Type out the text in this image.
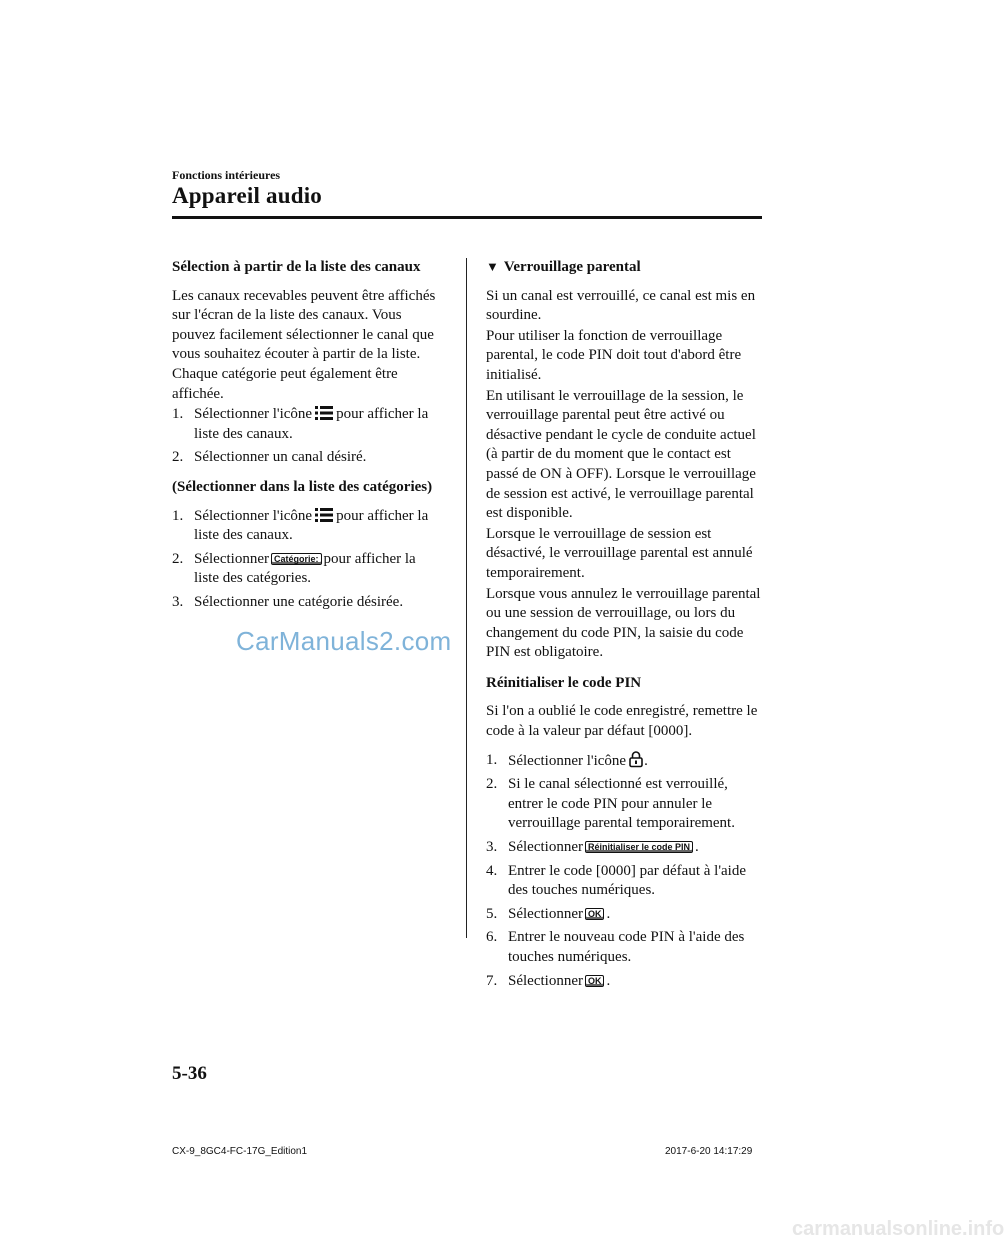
Fonctions intérieures
Appareil audio
Sélection à partir de la liste des canaux
Les canaux recevables peuvent être affichés sur l'écran de la liste des canaux. Vous pouvez facilement sélectionner le canal que vous souhaitez écouter à partir de la liste. Chaque catégorie peut également être affichée.
1. Sélectionner l'icône pour afficher la liste des canaux.
2. Sélectionner un canal désiré.
(Sélectionner dans la liste des catégories)
1. Sélectionner l'icône pour afficher la liste des canaux.
2. Sélectionner Catégorie: pour afficher la liste des catégories.
3. Sélectionner une catégorie désirée.
▼ Verrouillage parental
Si un canal est verrouillé, ce canal est mis en sourdine.
Pour utiliser la fonction de verrouillage parental, le code PIN doit tout d'abord être initialisé.
En utilisant le verrouillage de la session, le verrouillage parental peut être activé ou désactive pendant le cycle de conduite actuel (à partir de du moment que le contact est passé de ON à OFF). Lorsque le verrouillage de session est activé, le verrouillage parental est disponible.
Lorsque le verrouillage de session est désactivé, le verrouillage parental est annulé temporairement.
Lorsque vous annulez le verrouillage parental ou une session de verrouillage, ou lors du changement du code PIN, la saisie du code PIN est obligatoire.
Réinitialiser le code PIN
Si l'on a oublié le code enregistré, remettre le code à la valeur par défaut [0000].
1. Sélectionner l'icône .
2. Si le canal sélectionné est verrouillé, entrer le code PIN pour annuler le verrouillage parental temporairement.
3. Sélectionner Réinitialiser le code PIN .
4. Entrer le code [0000] par défaut à l'aide des touches numériques.
5. Sélectionner OK .
6. Entrer le nouveau code PIN à l'aide des touches numériques.
7. Sélectionner OK .
CarManuals2.com
5-36
CX-9_8GC4-FC-17G_Edition1	2017-6-20 14:17:29
carmanualsonline.info
